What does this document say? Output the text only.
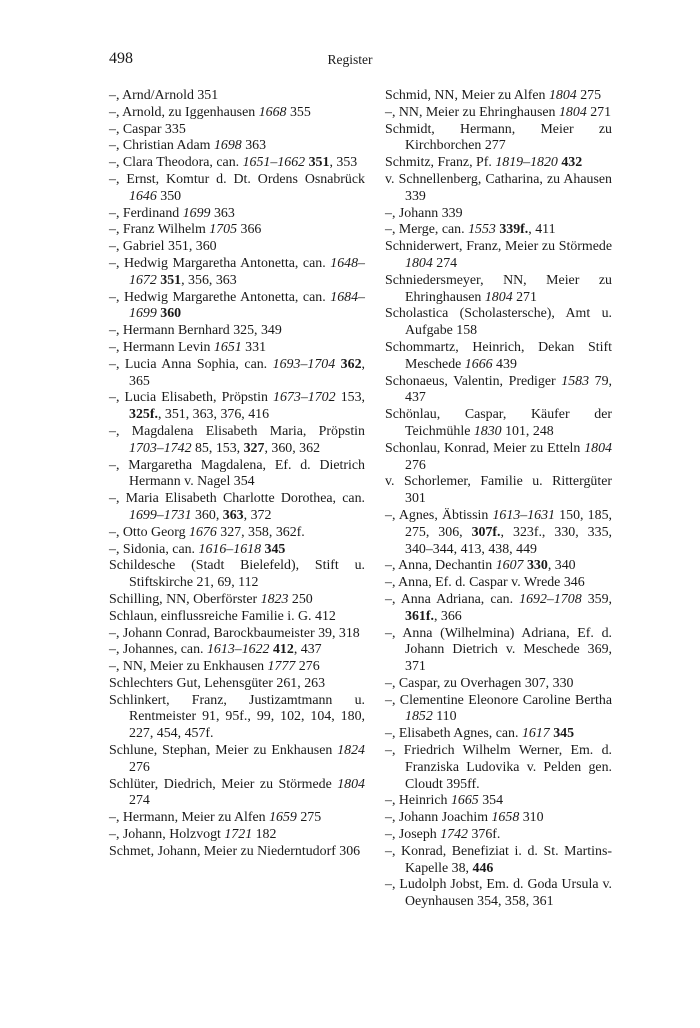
498	Register

–, Arnd/Arnold 351

–, Arnold, zu Iggenhausen 1668 355

–, Caspar 335

–, Christian Adam 1698 363

–, Clara Theodora, can. 1651–1662 351, 353

–, Ernst, Komtur d. Dt. Ordens Osnabrück 1646 350

–, Ferdinand 1699 363

–, Franz Wilhelm 1705 366

–, Gabriel 351, 360

–, Hedwig Margaretha Antonetta, can. 1648–1672 351, 356, 363

–, Hedwig Margarethe Antonetta, can. 1684–1699 360

–, Hermann Bernhard 325, 349

–, Hermann Levin 1651 331

–, Lucia Anna Sophia, can. 1693–1704 362, 365

–, Lucia Elisabeth, Pröpstin 1673–1702 153, 325f., 351, 363, 376, 416

–, Magdalena Elisabeth Maria, Pröpstin 1703–1742 85, 153, 327, 360, 362

–, Margaretha Magdalena, Ef. d. Dietrich Hermann v. Nagel 354

–, Maria Elisabeth Charlotte Dorothea, can. 1699–1731 360, 363, 372

–, Otto Georg 1676 327, 358, 362f.

–, Sidonia, can. 1616–1618 345

Schildesche (Stadt Bielefeld), Stift u. Stiftskirche 21, 69, 112

Schilling, NN, Oberförster 1823 250

Schlaun, einflussreiche Familie i. G. 412

–, Johann Conrad, Barockbaumeister 39, 318

–, Johannes, can. 1613–1622 412, 437

–, NN, Meier zu Enkhausen 1777 276

Schlechters Gut, Lehensgüter 261, 263

Schlinkert, Franz, Justizamtmann u. Rentmeister 91, 95f., 99, 102, 104, 180, 227, 454, 457f.

Schlune, Stephan, Meier zu Enkhausen 1824 276

Schlüter, Diedrich, Meier zu Störmede 1804 274

–, Hermann, Meier zu Alfen 1659 275

–, Johann, Holzvogt 1721 182

Schmet, Johann, Meier zu Niederntudorf 306

Schmid, NN, Meier zu Alfen 1804 275

–, NN, Meier zu Ehringhausen 1804 271

Schmidt, Hermann, Meier zu Kirchborchen 277

Schmitz, Franz, Pf. 1819–1820 432

v. Schnellenberg, Catharina, zu Ahausen 339

–, Johann 339

–, Merge, can. 1553 339f., 411

Schniderwert, Franz, Meier zu Störmede 1804 274

Schniedersmeyer, NN, Meier zu Ehringhausen 1804 271

Scholastica (Scholastersche), Amt u. Aufgabe 158

Schommartz, Heinrich, Dekan Stift Meschede 1666 439

Schonaeus, Valentin, Prediger 1583 79, 437

Schönlau, Caspar, Käufer der Teichmühle 1830 101, 248

Schonlau, Konrad, Meier zu Etteln 1804 276

v. Schorlemer, Familie u. Rittergüter 301

–, Agnes, Äbtissin 1613–1631 150, 185, 275, 306, 307f., 323f., 330, 335, 340–344, 413, 438, 449

–, Anna, Dechantin 1607 330, 340

–, Anna, Ef. d. Caspar v. Wrede 346

–, Anna Adriana, can. 1692–1708 359, 361f., 366

–, Anna (Wilhelmina) Adriana, Ef. d. Johann Dietrich v. Meschede 369, 371

–, Caspar, zu Overhagen 307, 330

–, Clementine Eleonore Caroline Bertha 1852 110

–, Elisabeth Agnes, can. 1617 345

–, Friedrich Wilhelm Werner, Em. d. Franziska Ludovika v. Pelden gen. Cloudt 395ff.

–, Heinrich 1665 354

–, Johann Joachim 1658 310

–, Joseph 1742 376f.

–, Konrad, Benefiziat i. d. St. Martins-Kapelle 38, 446

–, Ludolph Jobst, Em. d. Goda Ursula v. Oeynhausen 354, 358, 361
